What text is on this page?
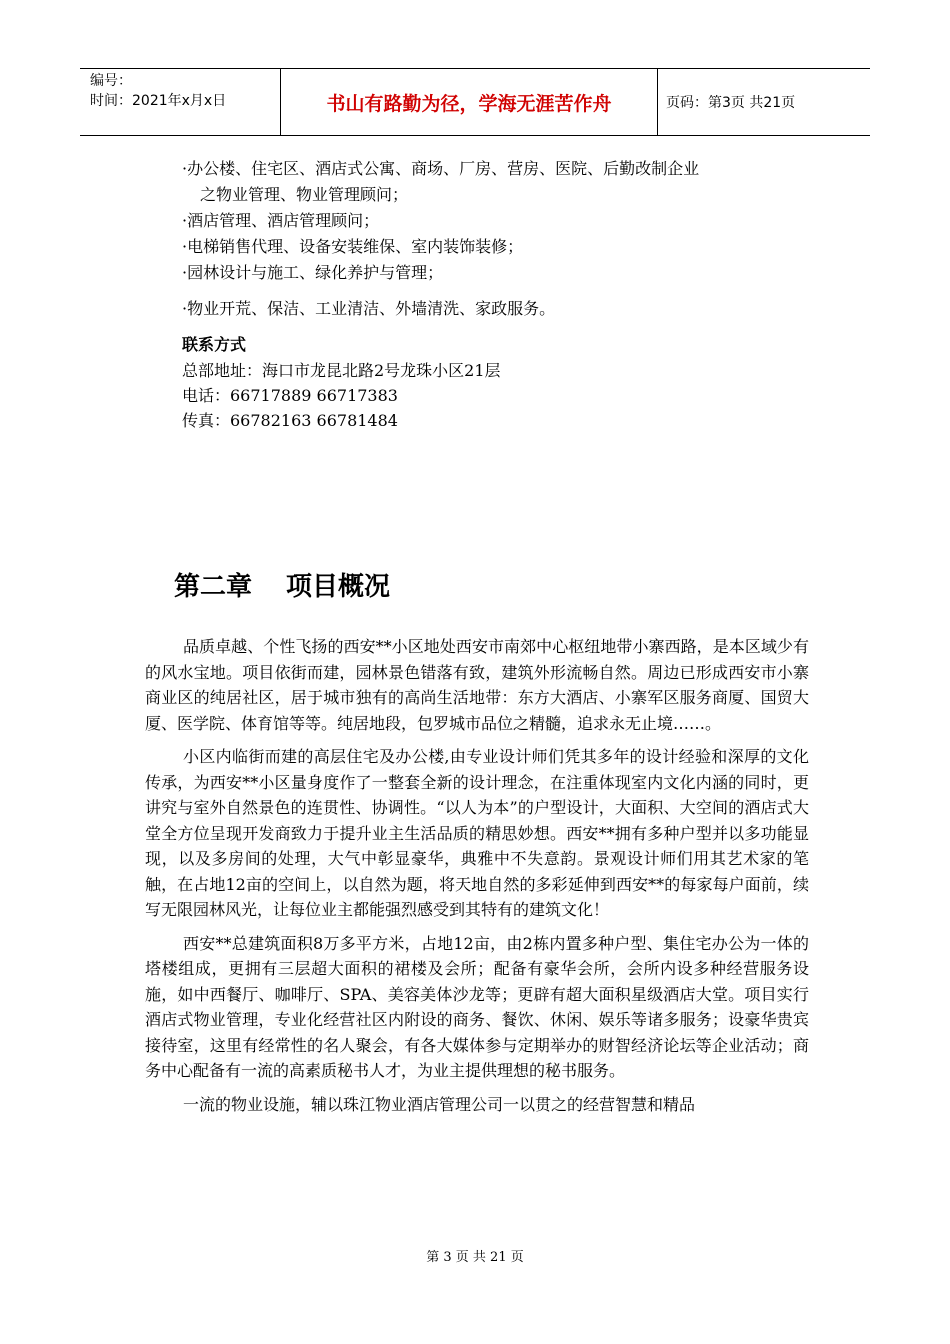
编号：
时间：2021年x月x日	书山有路勤为径，学海无涯苦作舟	页码：第3页 共21页

·办公楼、住宅区、酒店式公寓、商场、厂房、营房、医院、后勤改制企业

之物业管理、物业管理顾问；

·酒店管理、酒店管理顾问；

·电梯销售代理、设备安装维保、室内装饰装修；

·园林设计与施工、绿化养护与管理；

·物业开荒、保洁、工业清洁、外墙清洗、家政服务。

联系方式
总部地址：海口市龙昆北路2号龙珠小区21层
电话：66717889 66717383
传真：66782163 66781484
第二章 项目概况

品质卓越、个性飞扬的西安**小区地处西安市南郊中心枢纽地带小寨西路，是本区域少有的风水宝地。项目依街而建，园林景色错落有致，建筑外形流畅自然。周边已形成西安市小寨商业区的纯居社区，居于城市独有的高尚生活地带：东方大酒店、小寨军区服务商厦、国贸大厦、医学院、体育馆等等。纯居地段，包罗城市品位之精髓，追求永无止境……。

小区内临街而建的高层住宅及办公楼,由专业设计师们凭其多年的设计经验和深厚的文化传承，为西安**小区量身度作了一整套全新的设计理念，在注重体现室内文化内涵的同时，更讲究与室外自然景色的连贯性、协调性。“以人为本”的户型设计，大面积、大空间的酒店式大堂全方位呈现开发商致力于提升业主生活品质的精思妙想。西安**拥有多种户型并以多功能显现，以及多房间的处理，大气中彰显豪华，典雅中不失意韵。景观设计师们用其艺术家的笔触，在占地12亩的空间上，以自然为题，将天地自然的多彩延伸到西安**的每家每户面前，续写无限园林风光，让每位业主都能强烈感受到其特有的建筑文化！

西安**总建筑面积8万多平方米，占地12亩，由2栋内置多种户型、集住宅办公为一体的塔楼组成，更拥有三层超大面积的裙楼及会所；配备有豪华会所，会所内设多种经营服务设施，如中西餐厅、咖啡厅、SPA、美容美体沙龙等；更辟有超大面积星级酒店大堂。项目实行酒店式物业管理，专业化经营社区内附设的商务、餐饮、休闲、娱乐等诸多服务；设豪华贵宾接待室，这里有经常性的名人聚会，有各大媒体参与定期举办的财智经济论坛等企业活动；商务中心配备有一流的高素质秘书人才，为业主提供理想的秘书服务。

一流的物业设施，辅以珠江物业酒店管理公司一以贯之的经营智慧和精品

第 3 页 共 21 页
